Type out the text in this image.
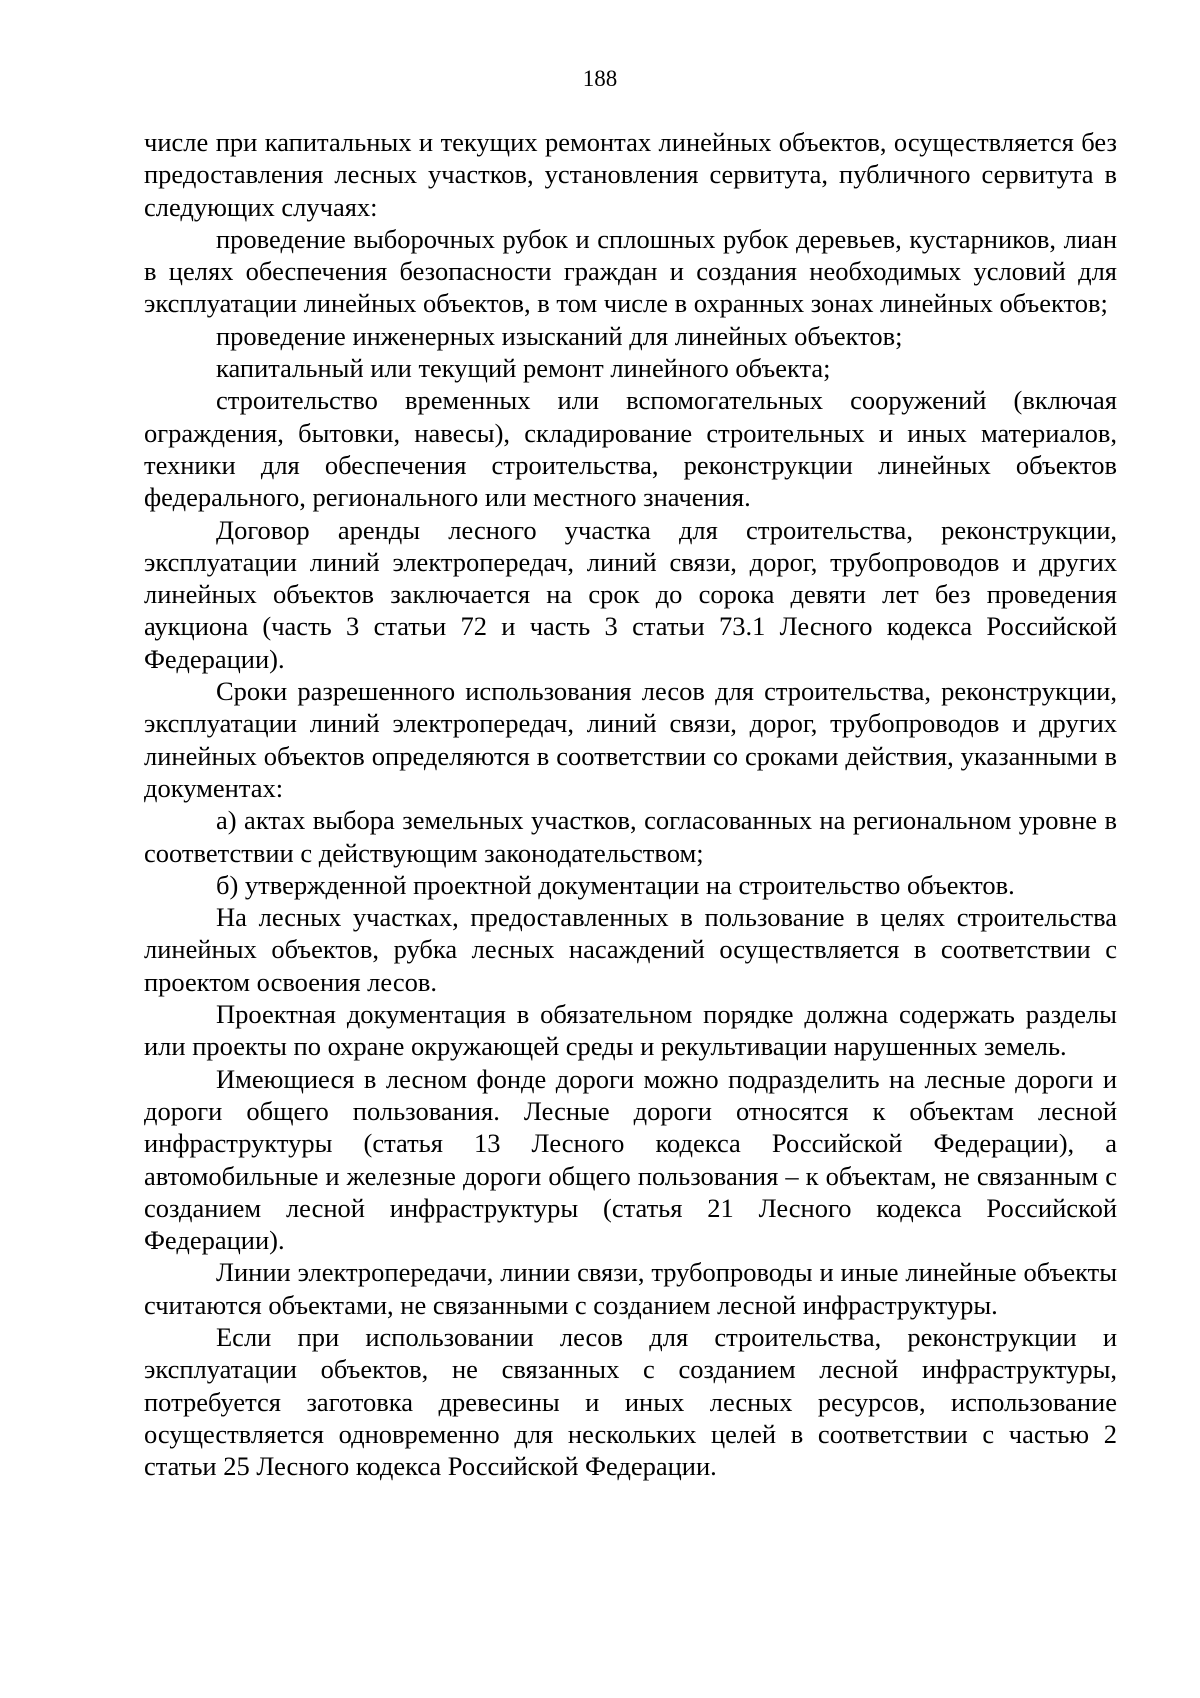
188

числе при капитальных и текущих ремонтах линейных объектов, осуществляется без предоставления лесных участков, установления сервитута, публичного сервитута в следующих случаях:

проведение выборочных рубок и сплошных рубок деревьев, кустарников, лиан в целях обеспечения безопасности граждан и создания необходимых условий для эксплуатации линейных объектов, в том числе в охранных зонах линейных объектов;

проведение инженерных изысканий для линейных объектов;

капитальный или текущий ремонт линейного объекта;

строительство временных или вспомогательных сооружений (включая ограждения, бытовки, навесы), складирование строительных и иных материалов, техники для обеспечения строительства, реконструкции линейных объектов федерального, регионального или местного значения.

Договор аренды лесного участка для строительства, реконструкции, эксплуатации линий электропередач, линий связи, дорог, трубопроводов и других линейных объектов заключается на срок до сорока девяти лет без проведения аукциона (часть 3 статьи 72 и часть 3 статьи 73.1 Лесного кодекса Российской Федерации).

Сроки разрешенного использования лесов для строительства, реконструкции, эксплуатации линий электропередач, линий связи, дорог, трубопроводов и других линейных объектов определяются в соответствии со сроками действия, указанными в документах:

а) актах выбора земельных участков, согласованных на региональном уровне в соответствии с действующим законодательством;

б) утвержденной проектной документации на строительство объектов.

На лесных участках, предоставленных в пользование в целях строительства линейных объектов, рубка лесных насаждений осуществляется в соответствии с проектом освоения лесов.

Проектная документация в обязательном порядке должна содержать разделы или проекты по охране окружающей среды и рекультивации нарушенных земель.

Имеющиеся в лесном фонде дороги можно подразделить на лесные дороги и дороги общего пользования. Лесные дороги относятся к объектам лесной инфраструктуры (статья 13 Лесного кодекса Российской Федерации), а автомобильные и железные дороги общего пользования – к объектам, не связанным с созданием лесной инфраструктуры (статья 21 Лесного кодекса Российской Федерации).

Линии электропередачи, линии связи, трубопроводы и иные линейные объекты считаются объектами, не связанными с созданием лесной инфраструктуры.

Если при использовании лесов для строительства, реконструкции и эксплуатации объектов, не связанных с созданием лесной инфраструктуры, потребуется заготовка древесины и иных лесных ресурсов, использование осуществляется одновременно для нескольких целей в соответствии с частью 2 статьи 25 Лесного кодекса Российской Федерации.
